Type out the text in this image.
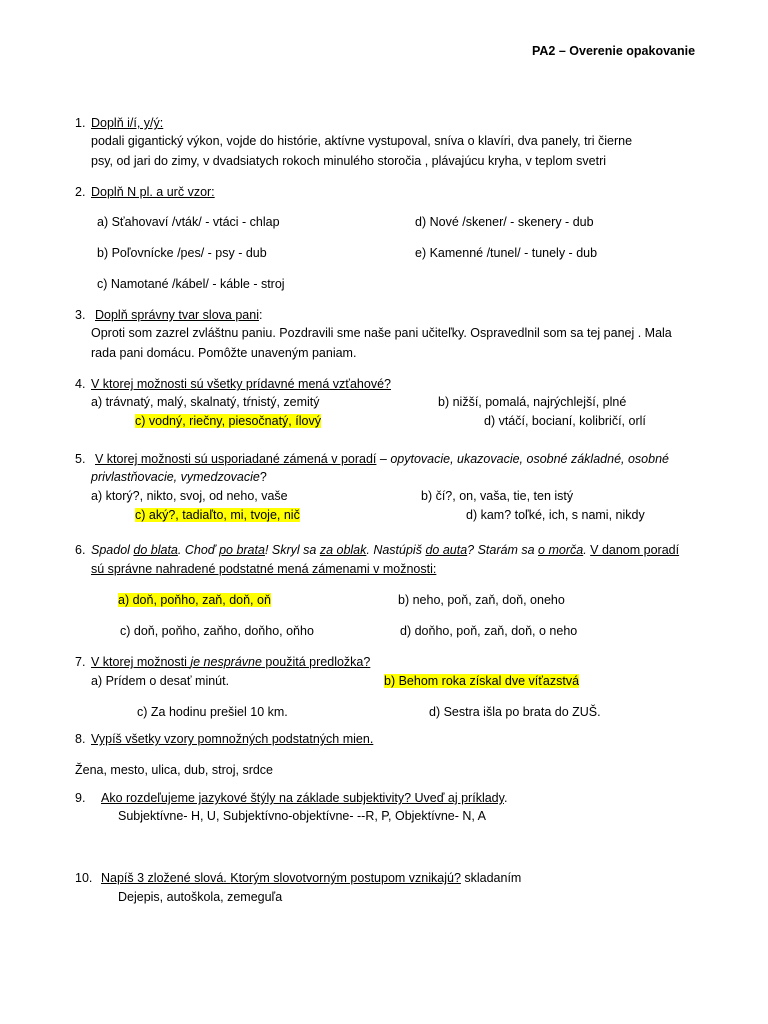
PA2 – Overenie opakovanie
1. Doplň i/í, y/ý:
podali gigantický výkon, vojde do histórie, aktívne vystupoval, sníva o klavíri, dva panely, tri čierne
psy, od jari do zimy, v dvadsiatych rokoch minulého storočia , plávajúcu kryha, v teplom svetri
2. Doplň N pl. a urč vzor:
a) Sťahovaví /vták/ - vtáci - chlap	d) Nové /skener/ - skenery - dub
b) Poľovnícke /pes/ - psy - dub	e) Kamenné /tunel/ - tunely - dub
c) Namotané /kábel/ - káble - stroj
3. Doplň správny tvar slova pani:
Oproti som zazrel zvláštnu paniu. Pozdravili sme naše pani učiteľky. Ospravedlnil som sa tej panej . Mala
rada pani domácu. Pomôžte unaveným paniam.
4. V ktorej možnosti sú všetky prídavné mená vzťahové?
a) trávnatý, malý, skalnatý, tŕnistý, zemitý	b) nižší, pomalá, najrýchlejší, plné
c) vodný, riečny, piesočnatý, ílový	d) vtáčí, bocianí, kolibričí, orlí
5. V ktorej možnosti sú usporiadané zámená v poradí – opytovacie, ukazovacie, osobné základné, osobné
privlastňovacie, vymedzovacie?
a) ktorý?, nikto, svoj, od neho, vaše	b) čí?, on, vaša, tie, ten istý
c) aký?, tadiaľto, mi, tvoje, nič	d) kam? toľké, ich, s nami, nikdy
6. Spadol do blata. Choď po brata! Skryl sa za oblak. Nastúpiš do auta? Starám sa o morča. V danom poradí
sú správne nahradené podstatné mená zámenami v možnosti:
a) doň, poňho, zaň, doň, oň	b) neho, poň, zaň, doň, oneho
c) doň, poňho, zaňho, doňho, oňho	d) doňho, poň, zaň, doň, o neho
7. V ktorej možnosti je nesprávne použitá predložka?
a) Prídem o desať minút.	b) Behom roka získal dve víťazstvá
c) Za hodinu prešiel 10 km.	d) Sestra išla po brata do ZUŠ.
8. Vypíš všetky vzory pomnožných podstatných mien.
Žena, mesto, ulica, dub, stroj, srdce
9. Ako rozdeľujeme jazykové štýly na základe subjektivity? Uveď aj príklady.
Subjektívne- H, U, Subjektívno-objektívne- --R, P, Objektívne- N, A
10. Napíš 3 zložené slová. Ktorým slovotvorným postupom vznikajú? skladaním
Dejepis, autoškola, zemeguľa
